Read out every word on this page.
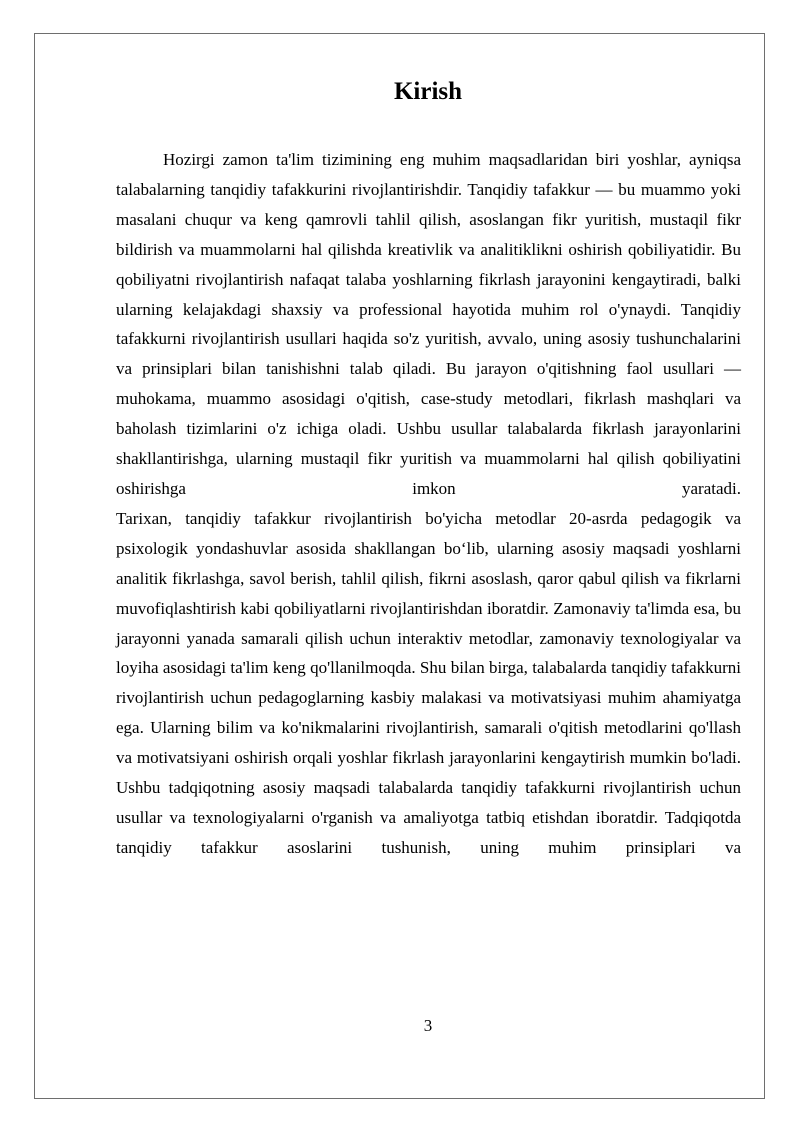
Kirish

Hozirgi zamon ta'lim tizimining eng muhim maqsadlaridan biri yoshlar, ayniqsa talabalarning tanqidiy tafakkurini rivojlantirishdir. Tanqidiy tafakkur — bu muammo yoki masalani chuqur va keng qamrovli tahlil qilish, asoslangan fikr yuritish, mustaqil fikr bildirish va muammolarni hal qilishda kreativlik va analitiklikni oshirish qobiliyatidir. Bu qobiliyatni rivojlantirish nafaqat talaba yoshlarning fikrlash jarayonini kengaytiradi, balki ularning kelajakdagi shaxsiy va professional hayotida muhim rol o'ynaydi. Tanqidiy tafakkurni rivojlantirish usullari haqida so'z yuritish, avvalo, uning asosiy tushunchalarini va prinsiplari bilan tanishishni talab qiladi. Bu jarayon o'qitishning faol usullari — muhokama, muammo asosidagi o'qitish, case-study metodlari, fikrlash mashqlari va baholash tizimlarini o'z ichiga oladi. Ushbu usullar talabalarda fikrlash jarayonlarini shakllantirishga, ularning mustaqil fikr yuritish va muammolarni hal qilish qobiliyatini oshirishga imkon yaratadi.

Tarixan, tanqidiy tafakkur rivojlantirish bo'yicha metodlar 20-asrda pedagogik va psixologik yondashuvlar asosida shakllangan bo‘lib, ularning asosiy maqsadi yoshlarni analitik fikrlashga, savol berish, tahlil qilish, fikrni asoslash, qaror qabul qilish va fikrlarni muvofiqlashtirish kabi qobiliyatlarni rivojlantirishdan iboratdir. Zamonaviy ta'limda esa, bu jarayonni yanada samarali qilish uchun interaktiv metodlar, zamonaviy texnologiyalar va loyiha asosidagi ta'lim keng qo'llanilmoqda. Shu bilan birga, talabalarda tanqidiy tafakkurni rivojlantirish uchun pedagoglarning kasbiy malakasi va motivatsiyasi muhim ahamiyatga ega. Ularning bilim va ko'nikmalarini rivojlantirish, samarali o'qitish metodlarini qo'llash va motivatsiyani oshirish orqali yoshlar fikrlash jarayonlarini kengaytirish mumkin bo'ladi.

Ushbu tadqiqotning asosiy maqsadi talabalarda tanqidiy tafakkurni rivojlantirish uchun usullar va texnologiyalarni o'rganish va amaliyotga tatbiq etishdan iboratdir. Tadqiqotda tanqidiy tafakkur asoslarini tushunish, uning muhim prinsiplari va

3
